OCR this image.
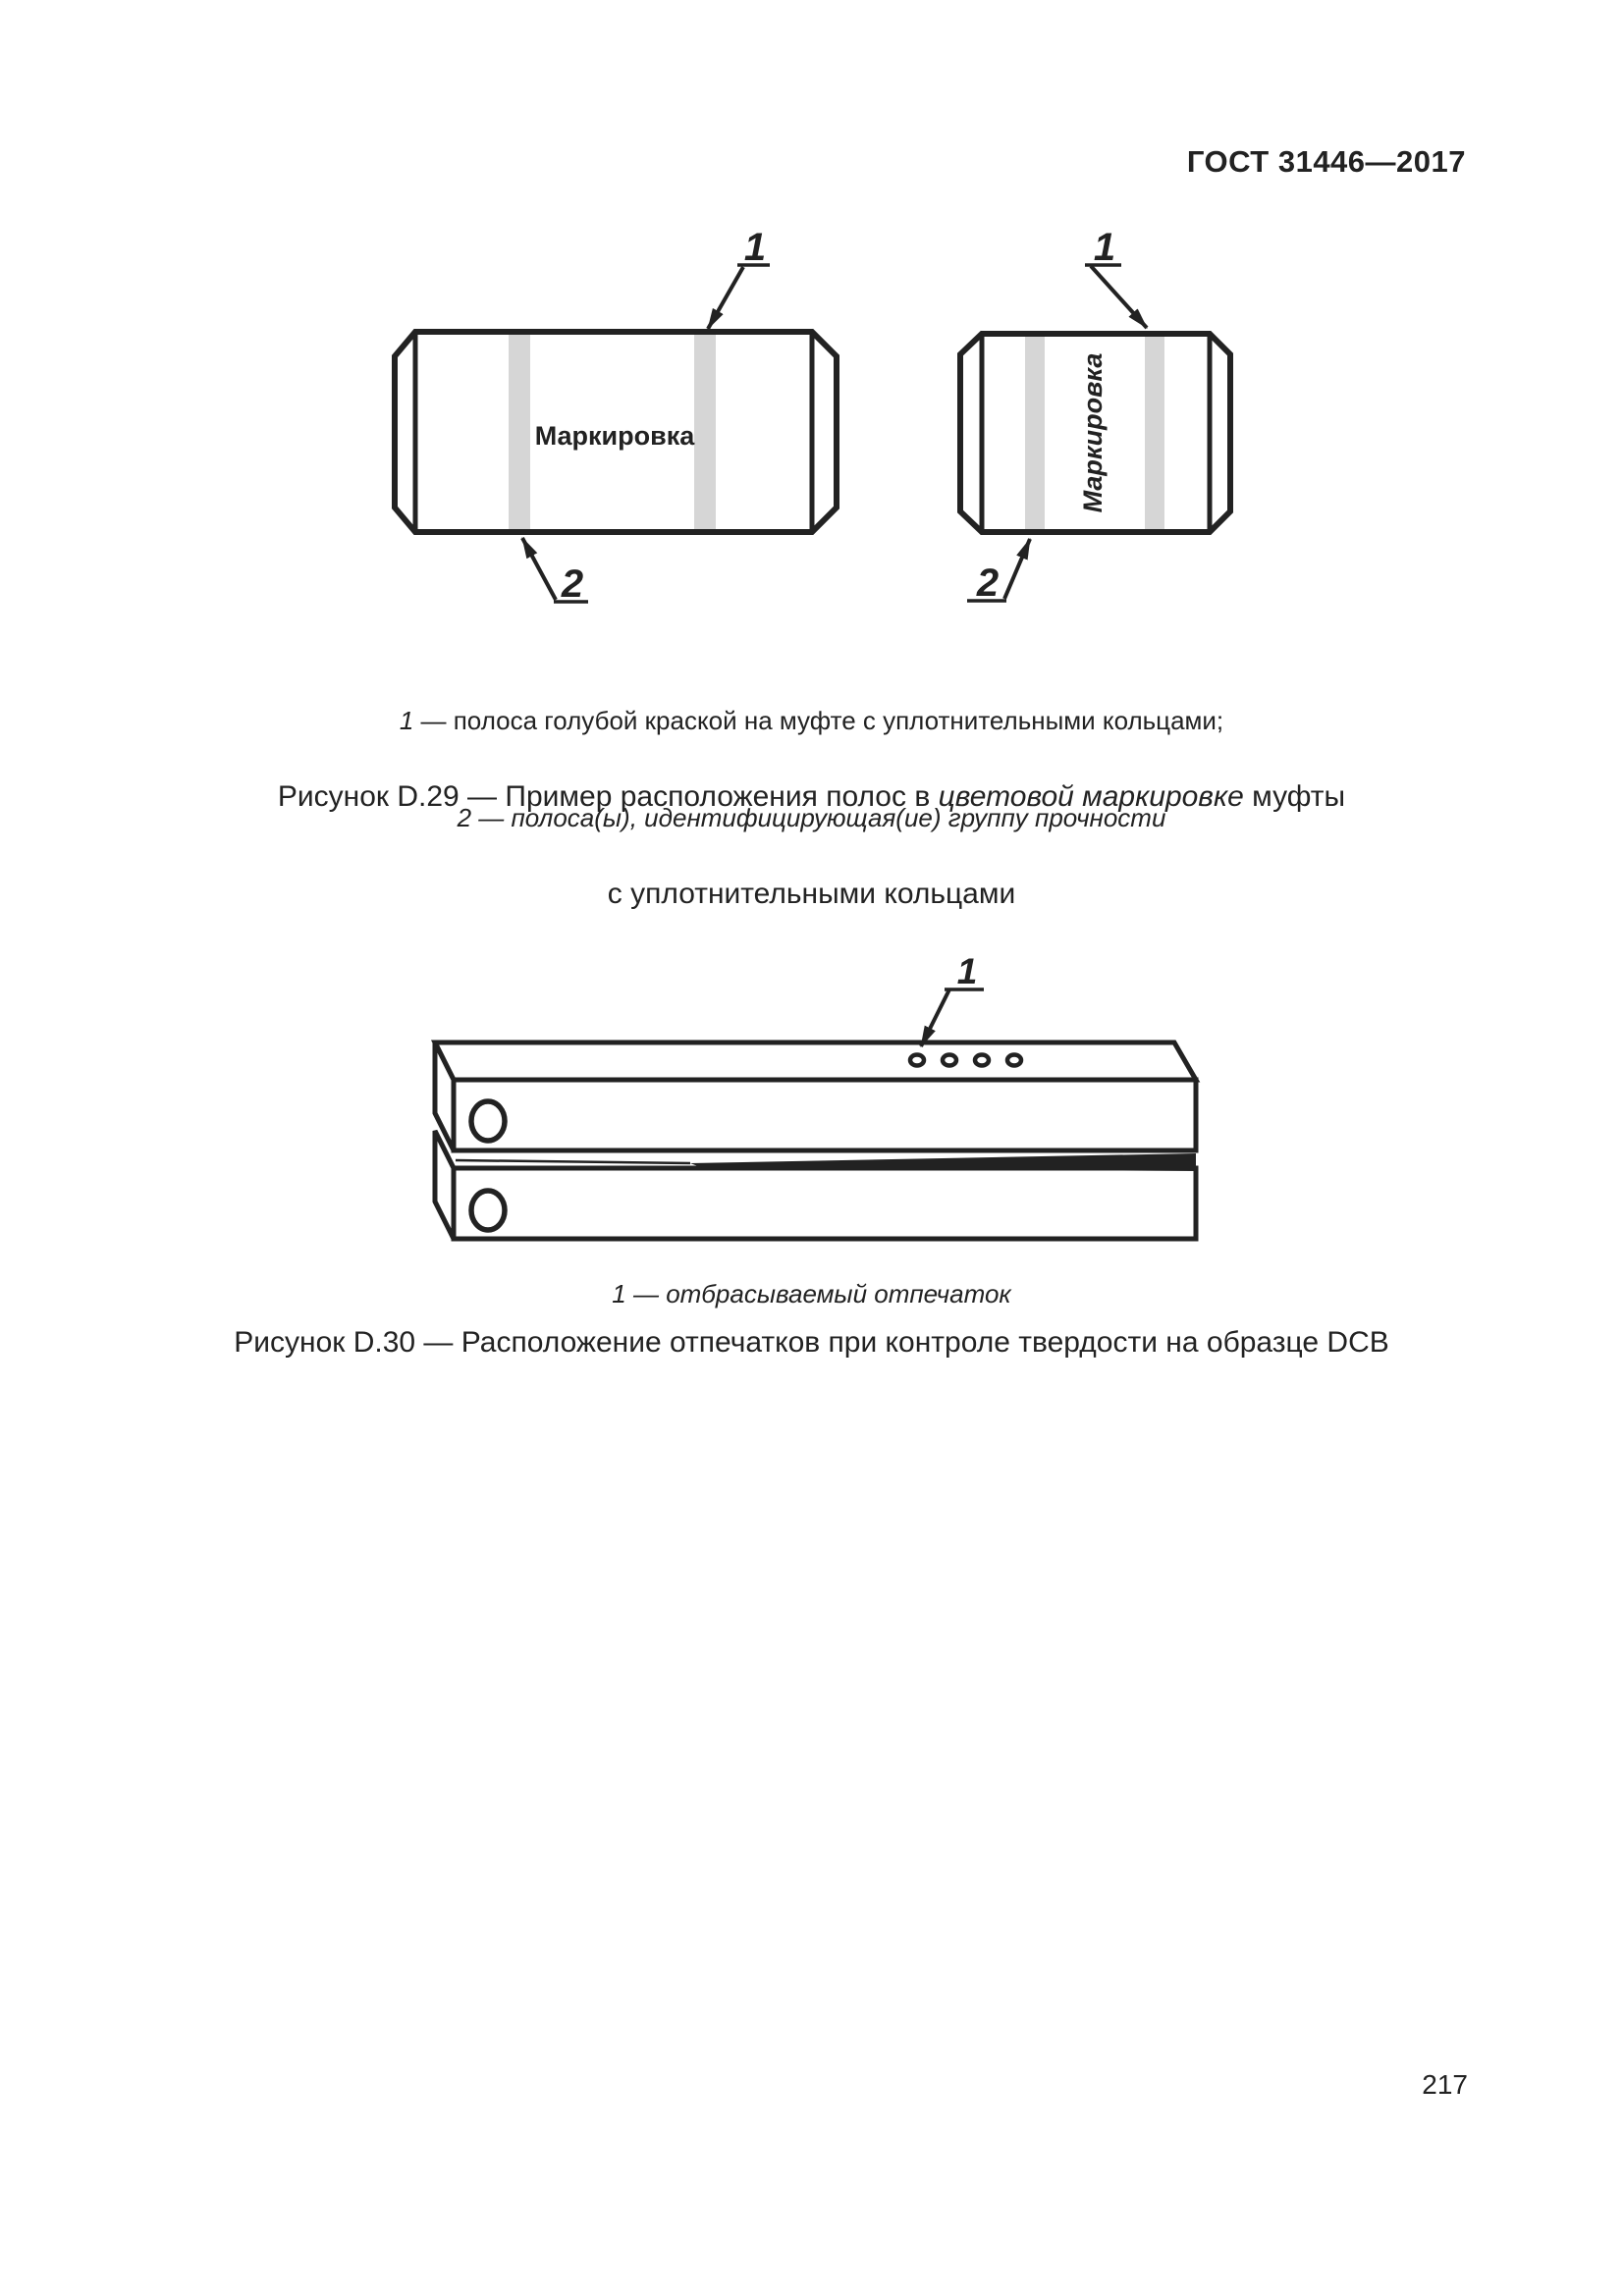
ГОСТ 31446—2017
Маркировка	Маркировка
1
2
1
2
1

1 — полоса голубой краской на муфте с уплотнительными кольцами;

2 — полоса(ы), идентифицирующая(ие) группу прочности

Рисунок D.29 — Пример расположения полос в цветовой маркировке муфты

с уплотнительными кольцами

1 — отбрасываемый отпечаток
Рисунок D.30 — Расположение отпечатков при контроле твердости на образце DCB
217
